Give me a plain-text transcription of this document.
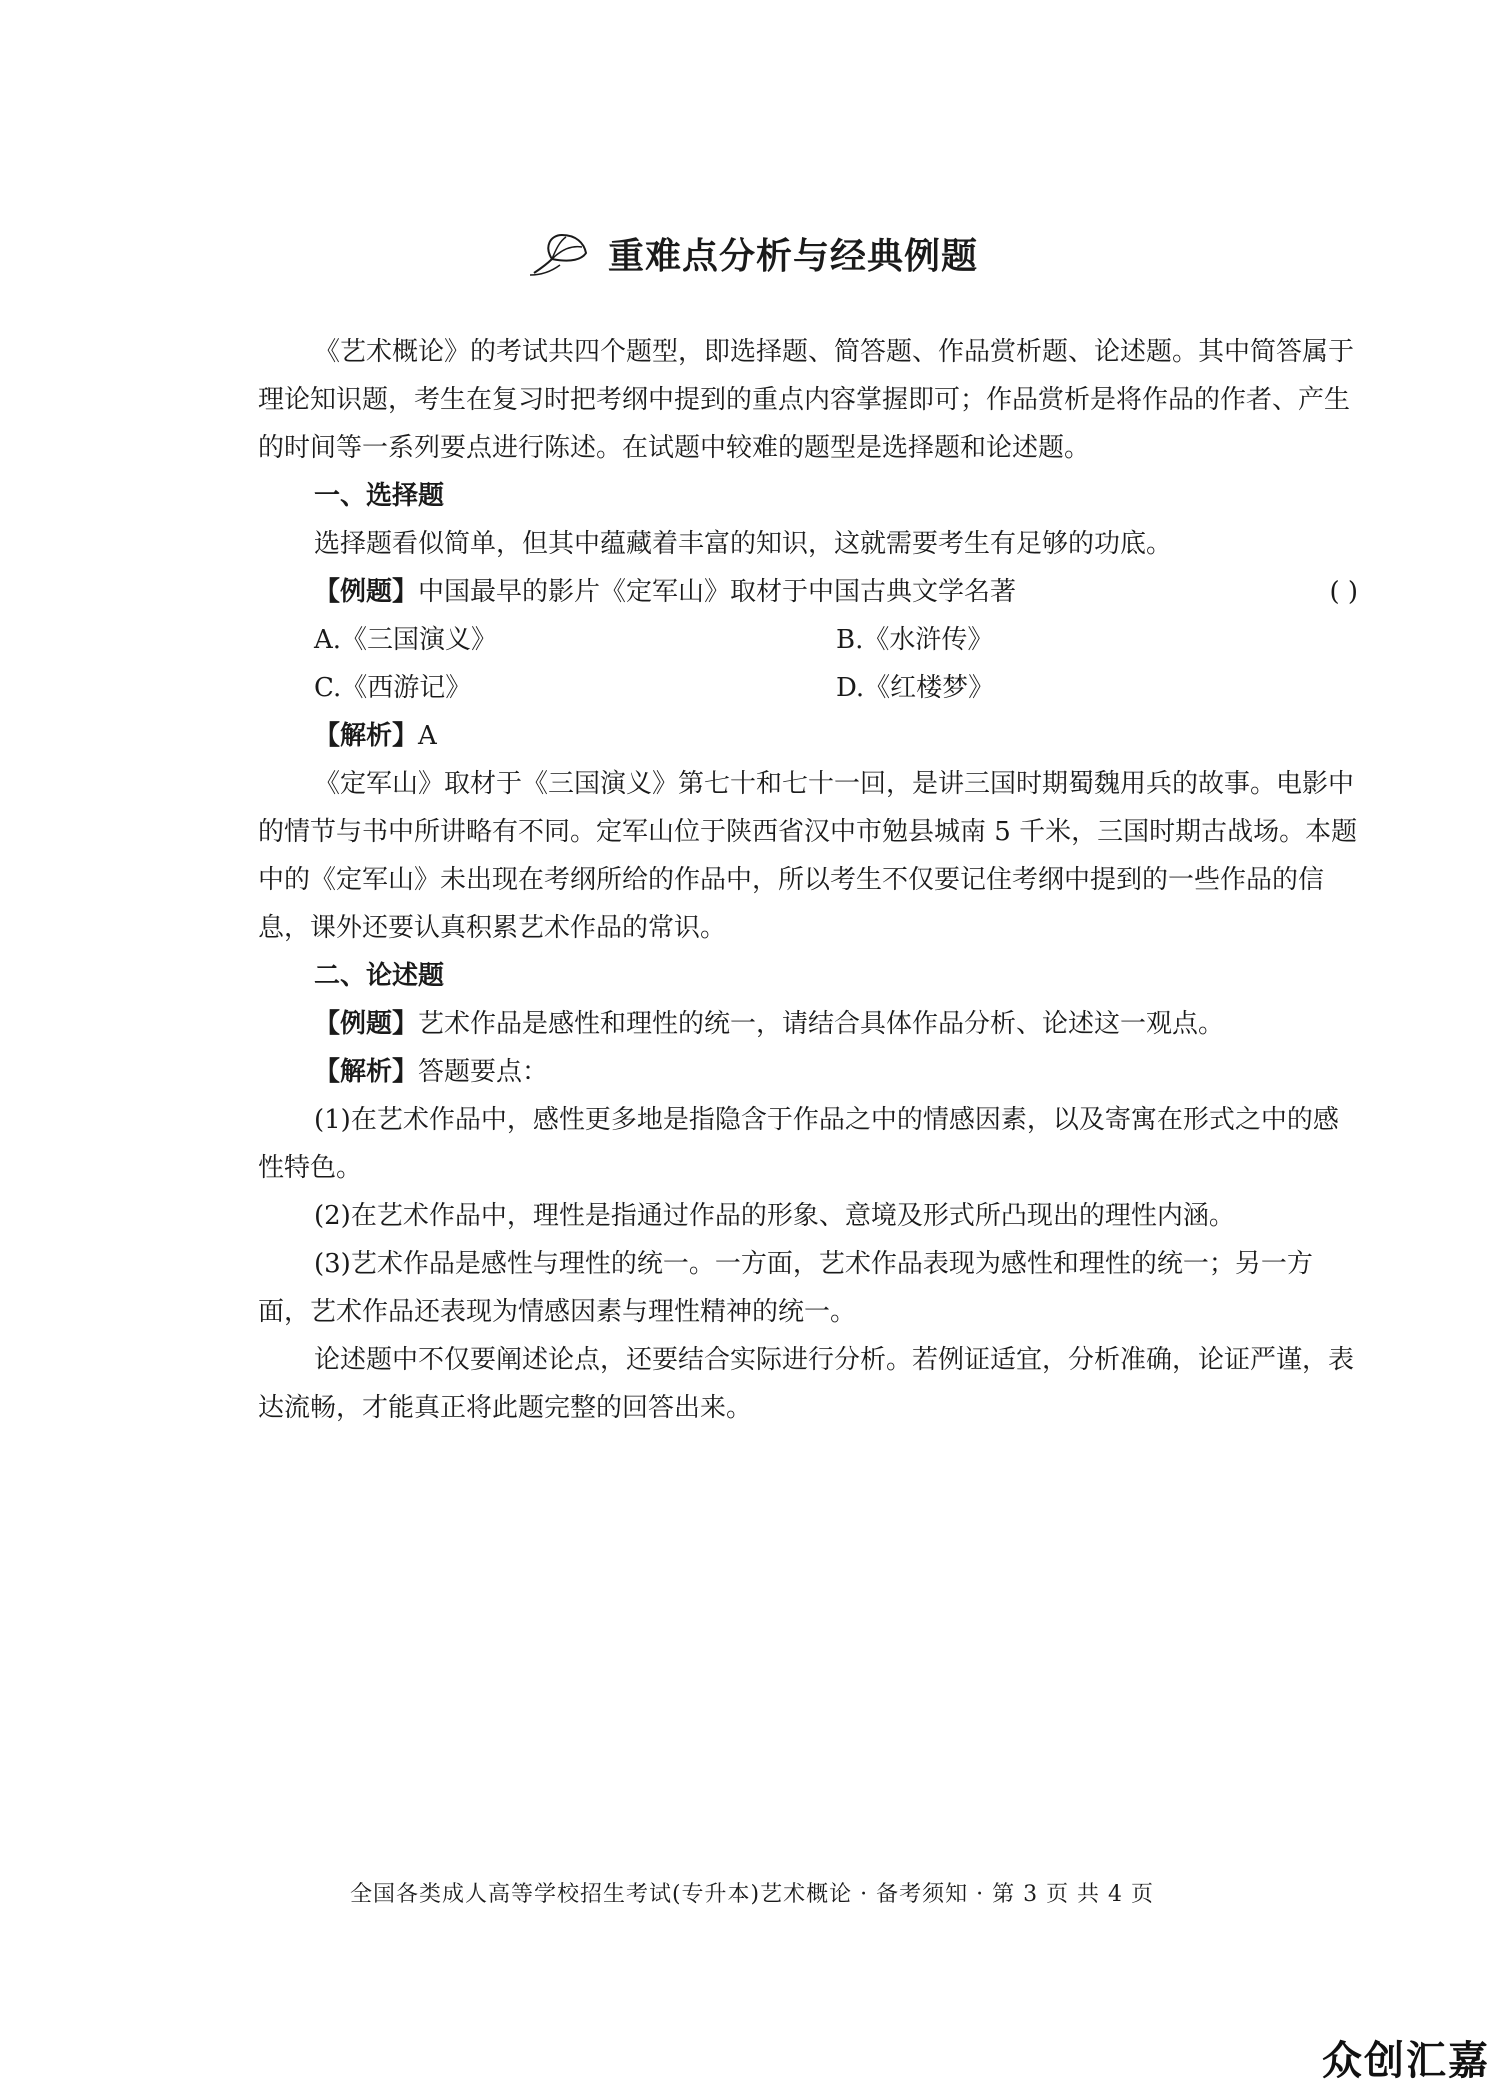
重难点分析与经典例题

《艺术概论》的考试共四个题型，即选择题、简答题、作品赏析题、论述题。其中简答属于理论知识题，考生在复习时把考纲中提到的重点内容掌握即可；作品赏析是将作品的作者、产生的时间等一系列要点进行陈述。在试题中较难的题型是选择题和论述题。

一、选择题

选择题看似简单，但其中蕴藏着丰富的知识，这就需要考生有足够的功底。

【例题】中国最早的影片《定军山》取材于中国古典文学名著	( )

A.《三国演义》	B.《水浒传》
C.《西游记》	D.《红楼梦》

【解析】A

《定军山》取材于《三国演义》第七十和七十一回，是讲三国时期蜀魏用兵的故事。电影中的情节与书中所讲略有不同。定军山位于陕西省汉中市勉县城南 5 千米，三国时期古战场。本题中的《定军山》未出现在考纲所给的作品中，所以考生不仅要记住考纲中提到的一些作品的信息，课外还要认真积累艺术作品的常识。

二、论述题

【例题】艺术作品是感性和理性的统一，请结合具体作品分析、论述这一观点。

【解析】答题要点：

(1)在艺术作品中，感性更多地是指隐含于作品之中的情感因素，以及寄寓在形式之中的感性特色。

(2)在艺术作品中，理性是指通过作品的形象、意境及形式所凸现出的理性内涵。

(3)艺术作品是感性与理性的统一。一方面，艺术作品表现为感性和理性的统一；另一方面，艺术作品还表现为情感因素与理性精神的统一。

论述题中不仅要阐述论点，还要结合实际进行分析。若例证适宜，分析准确，论证严谨，表达流畅，才能真正将此题完整的回答出来。

全国各类成人高等学校招生考试(专升本)艺术概论 · 备考须知 · 第 3 页 共 4 页
众创汇嘉
